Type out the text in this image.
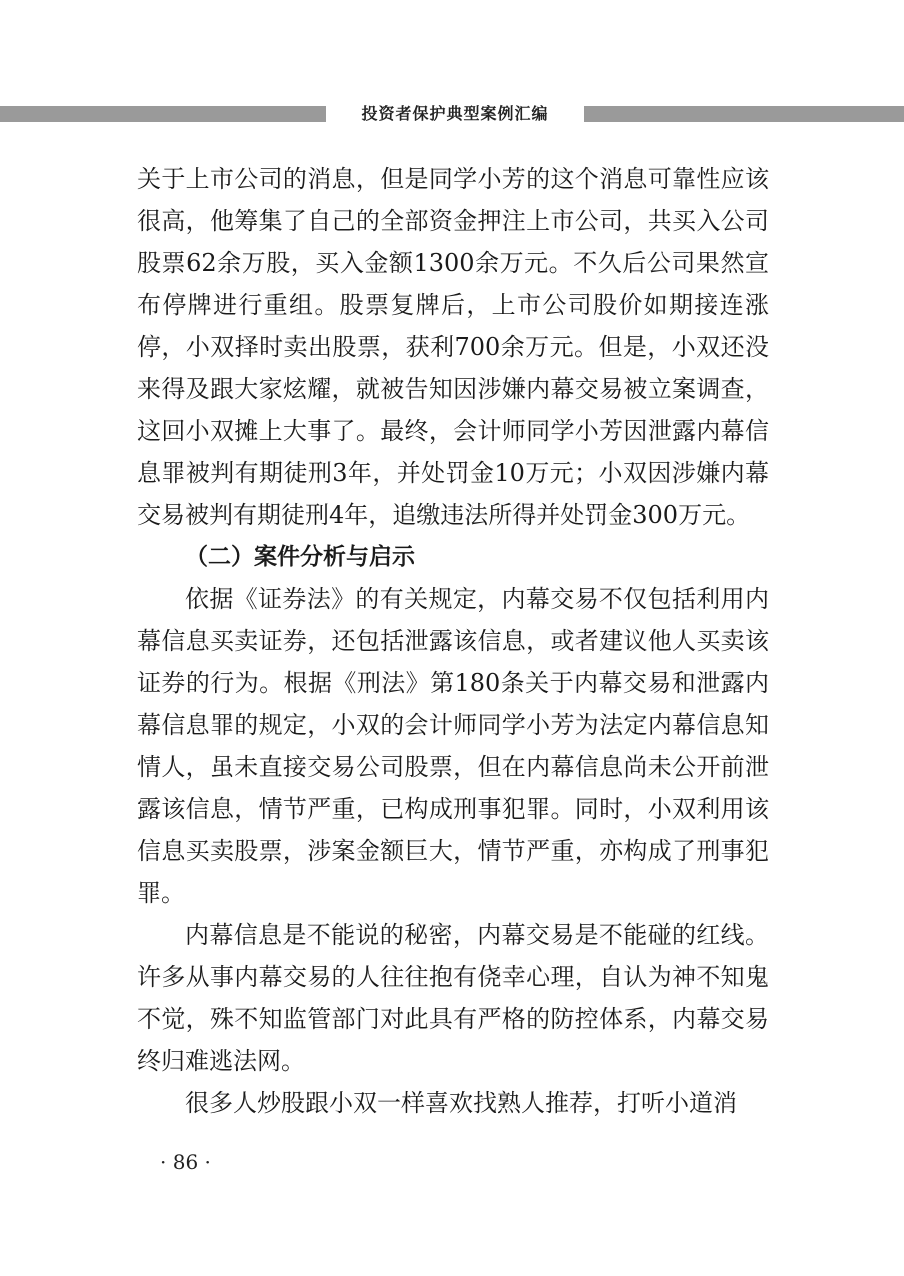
投资者保护典型案例汇编

关于上市公司的消息，但是同学小芳的这个消息可靠性应该很高，他筹集了自己的全部资金押注上市公司，共买入公司股票62余万股，买入金额1300余万元。不久后公司果然宣布停牌进行重组。股票复牌后，上市公司股价如期接连涨停，小双择时卖出股票，获利700余万元。但是，小双还没来得及跟大家炫耀，就被告知因涉嫌内幕交易被立案调查，这回小双摊上大事了。最终，会计师同学小芳因泄露内幕信息罪被判有期徒刑3年，并处罚金10万元；小双因涉嫌内幕交易被判有期徒刑4年，追缴违法所得并处罚金300万元。

（二）案件分析与启示

依据《证券法》的有关规定，内幕交易不仅包括利用内幕信息买卖证券，还包括泄露该信息，或者建议他人买卖该证券的行为。根据《刑法》第180条关于内幕交易和泄露内幕信息罪的规定，小双的会计师同学小芳为法定内幕信息知情人，虽未直接交易公司股票，但在内幕信息尚未公开前泄露该信息，情节严重，已构成刑事犯罪。同时，小双利用该信息买卖股票，涉案金额巨大，情节严重，亦构成了刑事犯罪。

内幕信息是不能说的秘密，内幕交易是不能碰的红线。许多从事内幕交易的人往往抱有侥幸心理，自认为神不知鬼不觉，殊不知监管部门对此具有严格的防控体系，内幕交易终归难逃法网。

很多人炒股跟小双一样喜欢找熟人推荐，打听小道消

· 86 ·
